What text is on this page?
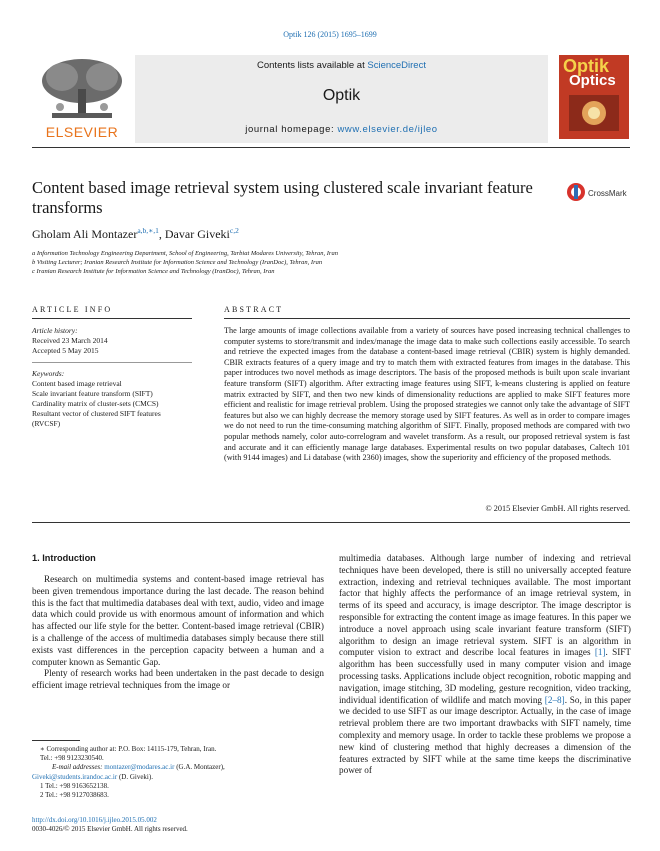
Optik 126 (2015) 1695–1699
ELSEVIER
Contents lists available at ScienceDirect
Optik
journal homepage: www.elsevier.de/ijleo
Optik
Optics
Content based image retrieval system using clustered scale invariant feature transforms
CrossMark
Gholam Ali Montazer$^{a,b,∗,1}$, Davar Giveki$^{c,2}$
a Information Technology Engineering Department, School of Engineering, Tarbiat Modares University, Tehran, Iran
b Visiting Lecturer; Iranian Research Institute for Information Science and Technology (IranDoc), Tehran, Iran
c Iranian Research Institute for Information Science and Technology (IranDoc), Tehran, Iran
ARTICLE INFO	ABSTRACT
Article history:
Received 23 March 2014
Accepted 5 May 2015
Keywords:
Content based image retrieval
Scale invariant feature transform (SIFT)
Cardinality matrix of cluster-sets (CMCS)
Resultant vector of clustered SIFT features
(RVCSF)
The large amounts of image collections available from a variety of sources have posed increasing technical challenges to computer systems to store/transmit and index/manage the image data to make such collections easily accessible. To search and retrieve the expected images from the database a content-based image retrieval (CBIR) system is highly demanded. CBIR extracts features of a query image and try to match them with extracted features from images in the database. This paper introduces two novel methods as image descriptors. The basis of the proposed methods is built upon scale invariant feature transform (SIFT) algorithm. After extracting image features using SIFT, k-means clustering is applied on feature matrix extracted by SIFT, and then two new kinds of dimensionality reductions are applied to make SIFT features more efficient and realistic for image retrieval problem. Using the proposed strategies we cannot only take the advantage of SIFT features but also we can highly decrease the memory storage used by SIFT features. As well as in order to compare images we do not need to run the time-consuming matching algorithm of SIFT. Finally, proposed methods are compared with two popular methods namely, color auto-correlogram and wavelet transform. As a result, our proposed retrieval system is fast and accurate and it can efficiently manage large databases. Experimental results on two popular databases, Caltech 101 (with 9144 images) and Li database (with 2360) images, show the superiority and efficiency of the proposed methods.
© 2015 Elsevier GmbH. All rights reserved.
1. Introduction

Research on multimedia systems and content-based image retrieval has been given tremendous importance during the last decade. The reason behind this is the fact that multimedia databases deal with text, audio, video and image data which could provide us with enormous amount of information and which has affected our life style for the better. Content-based image retrieval (CBIR) is a challenge of the access of multimedia databases simply because there still exists vast differences in the perception capacity between a human and a computer known as Semantic Gap.

Plenty of research works had been undertaken in the past decade to design efficient image retrieval techniques from the image or

multimedia databases. Although large number of indexing and retrieval techniques have been developed, there is still no universally accepted feature extraction, indexing and retrieval techniques available. The most important factor that highly affects the performance of an image retrieval system, in terms of its speed and accuracy, is image descriptor. The image descriptor is responsible for extracting the content image as image features. In this paper we introduce a novel approach using scale invariant feature transform (SIFT) algorithm to design an image retrieval system. SIFT is an algorithm in computer vision to extract and describe local features in images [1]. SIFT algorithm has been successfully used in many computer vision and image processing tasks. Applications include object recognition, robotic mapping and navigation, image stitching, 3D modeling, gesture recognition, video tracking, individual identification of wildlife and match moving [2–8]. So, in this paper we decided to use SIFT as our image descriptor. Actually, in the case of image retrieval problem there are two important drawbacks with SIFT namely, time complexity and memory usage. In order to tackle these problems we propose a new kind of clustering method that highly decreases a dimension of the features extracted by SIFT while at the same time keeps the discriminative power of

∗ Corresponding author at: P.O. Box: 14115-179, Tehran, Iran.
Tel.: +98 9123230540.
E-mail addresses: montazer@modares.ac.ir (G.A. Montazer),
Giveki@students.irandoc.ac.ir (D. Giveki).
1 Tel.: +98 9163652138.
2 Tel.: +98 9127038683.
http://dx.doi.org/10.1016/j.ijleo.2015.05.002
0030-4026/© 2015 Elsevier GmbH. All rights reserved.
